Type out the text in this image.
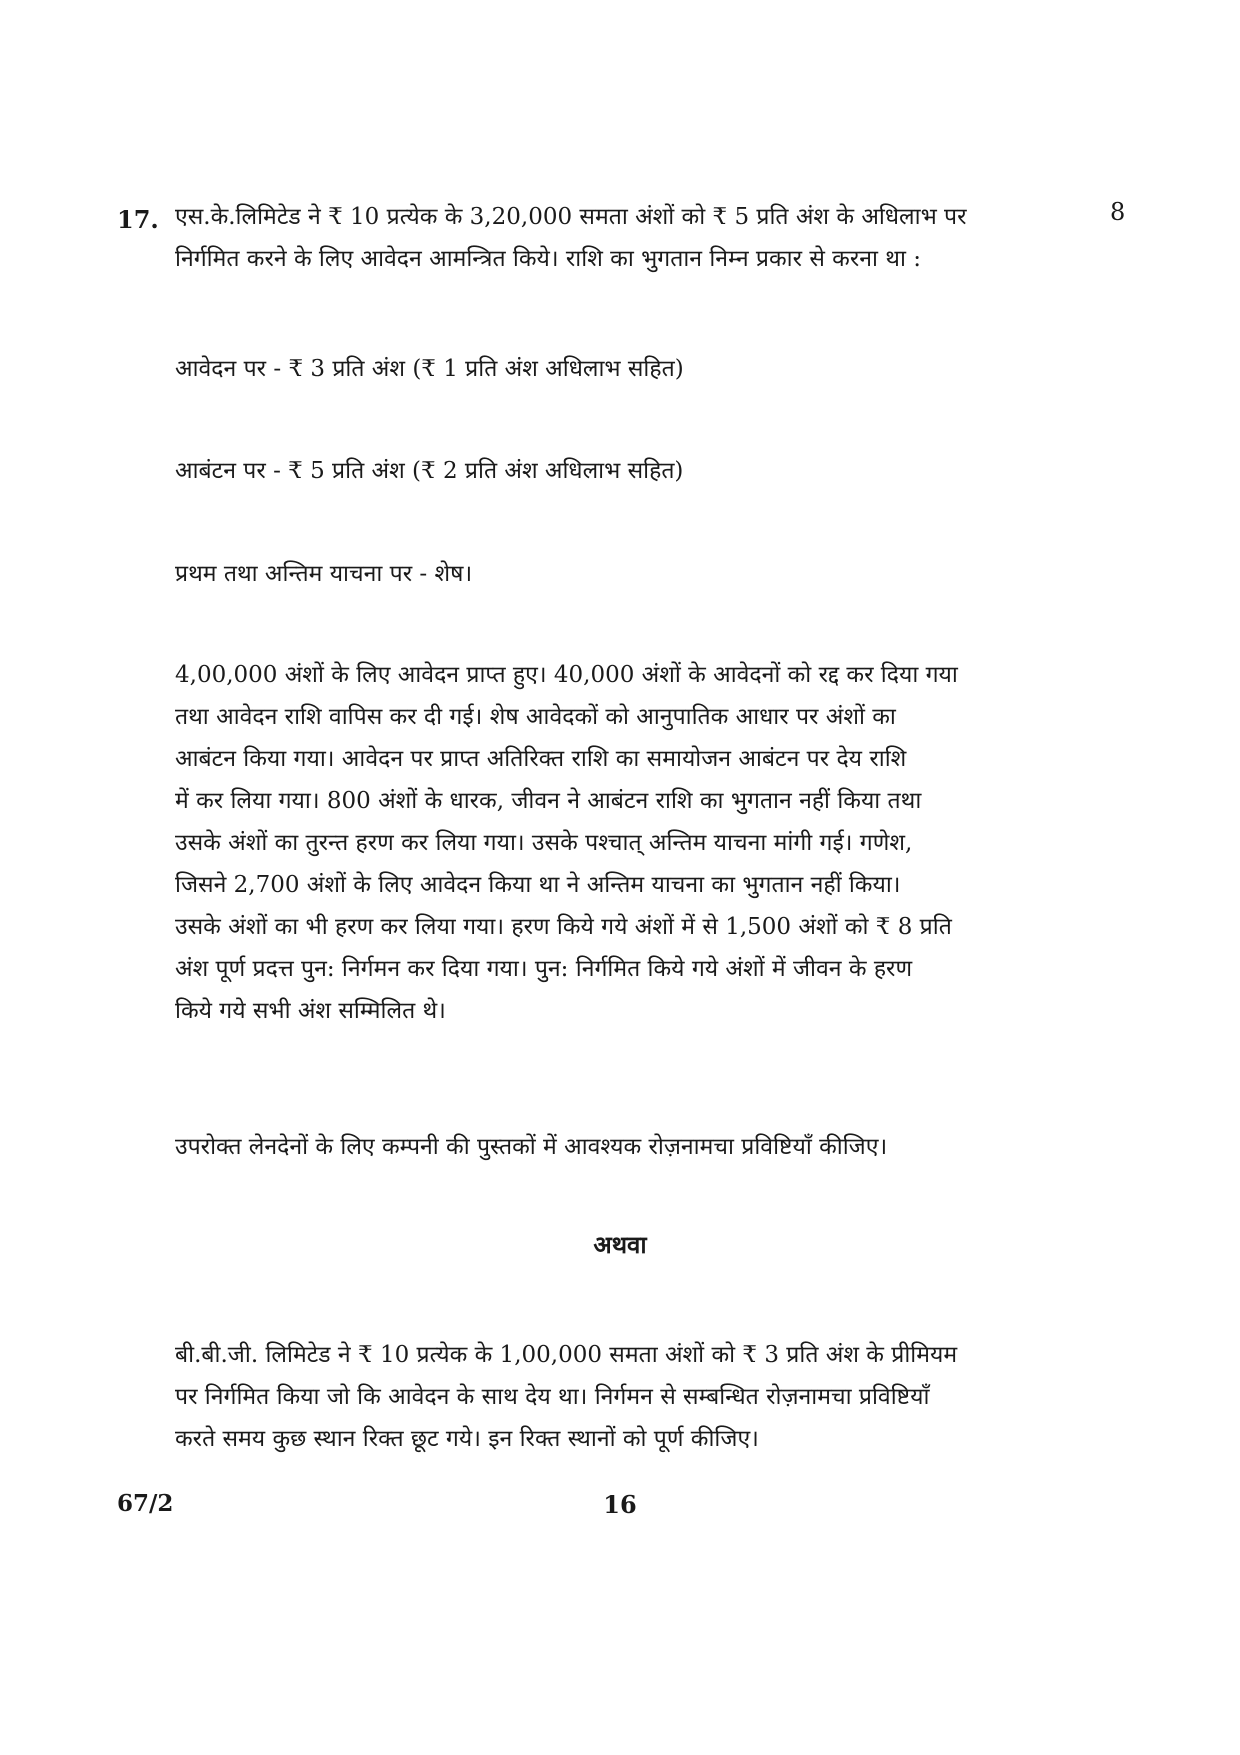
17.	8
एस.के.लिमिटेड ने ₹ 10 प्रत्येक के 3,20,000 समता अंशों को ₹ 5 प्रति अंश के अधिलाभ पर
निर्गमित करने के लिए आवेदन आमन्त्रित किये। राशि का भुगतान निम्न प्रकार से करना था :
आवेदन पर - ₹ 3 प्रति अंश (₹ 1 प्रति अंश अधिलाभ सहित)
आबंटन पर - ₹ 5 प्रति अंश (₹ 2 प्रति अंश अधिलाभ सहित)
प्रथम तथा अन्तिम याचना पर - शेष।
4,00,000 अंशों के लिए आवेदन प्राप्त हुए। 40,000 अंशों के आवेदनों को रद्द कर दिया गया
तथा आवेदन राशि वापिस कर दी गई। शेष आवेदकों को आनुपातिक आधार पर अंशों का
आबंटन किया गया। आवेदन पर प्राप्त अतिरिक्त राशि का समायोजन आबंटन पर देय राशि
में कर लिया गया। 800 अंशों के धारक, जीवन ने आबंटन राशि का भुगतान नहीं किया तथा
उसके अंशों का तुरन्त हरण कर लिया गया। उसके पश्चात् अन्तिम याचना मांगी गई। गणेश,
जिसने 2,700 अंशों के लिए आवेदन किया था ने अन्तिम याचना का भुगतान नहीं किया।
उसके अंशों का भी हरण कर लिया गया। हरण किये गये अंशों में से 1,500 अंशों को ₹ 8 प्रति
अंश पूर्ण प्रदत्त पुन: निर्गमन कर दिया गया। पुन: निर्गमित किये गये अंशों में जीवन के हरण
किये गये सभी अंश सम्मिलित थे।
उपरोक्त लेनदेनों के लिए कम्पनी की पुस्तकों में आवश्यक रोज़नामचा प्रविष्टियाँ कीजिए।
अथवा
बी.बी.जी. लिमिटेड ने ₹ 10 प्रत्येक के 1,00,000 समता अंशों को ₹ 3 प्रति अंश के प्रीमियम
पर निर्गमित किया जो कि आवेदन के साथ देय था। निर्गमन से सम्बन्धित रोज़नामचा प्रविष्टियाँ
करते समय कुछ स्थान रिक्त छूट गये। इन रिक्त स्थानों को पूर्ण कीजिए।
67/2	16
